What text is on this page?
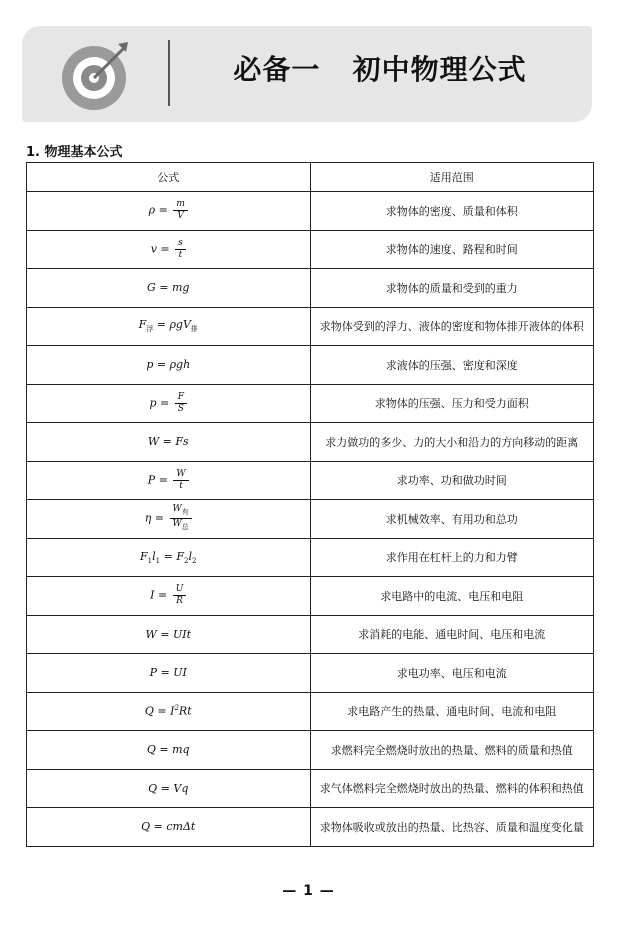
必备一   初中物理公式
1. 物理基本公式
公式	适用范围
$\rho = \frac{m}{V}$	求物体的密度、质量和体积
$v = \frac{s}{t}$	求物体的速度、路程和时间
G = mg	求物体的质量和受到的重力
$F_浮 = \rho gV_排$	求物体受到的浮力、液体的密度和物体排开液体的体积
p = ρgh	求液体的压强、密度和深度
$p = \frac{F}{S}$	求物体的压强、压力和受力面积
W = Fs	求力做功的多少、力的大小和沿力的方向移动的距离
$P = \frac{W}{t}$	求功率、功和做功时间
$\eta = \frac{W_有}{W_总}$	求机械效率、有用功和总功
$F_1l_1 = F_2l_2$	求作用在杠杆上的力和力臂
$I = \frac{U}{R}$	求电路中的电流、电压和电阻
W = UIt	求消耗的电能、通电时间、电压和电流
P = UI	求电功率、电压和电流
$Q = I^2Rt$	求电路产生的热量、通电时间、电流和电阻
Q = mq	求燃料完全燃烧时放出的热量、燃料的质量和热值
Q = Vq	求气体燃料完全燃烧时放出的热量、燃料的体积和热值
Q = cmΔt	求物体吸收或放出的热量、比热容、质量和温度变化量
— 1 —
